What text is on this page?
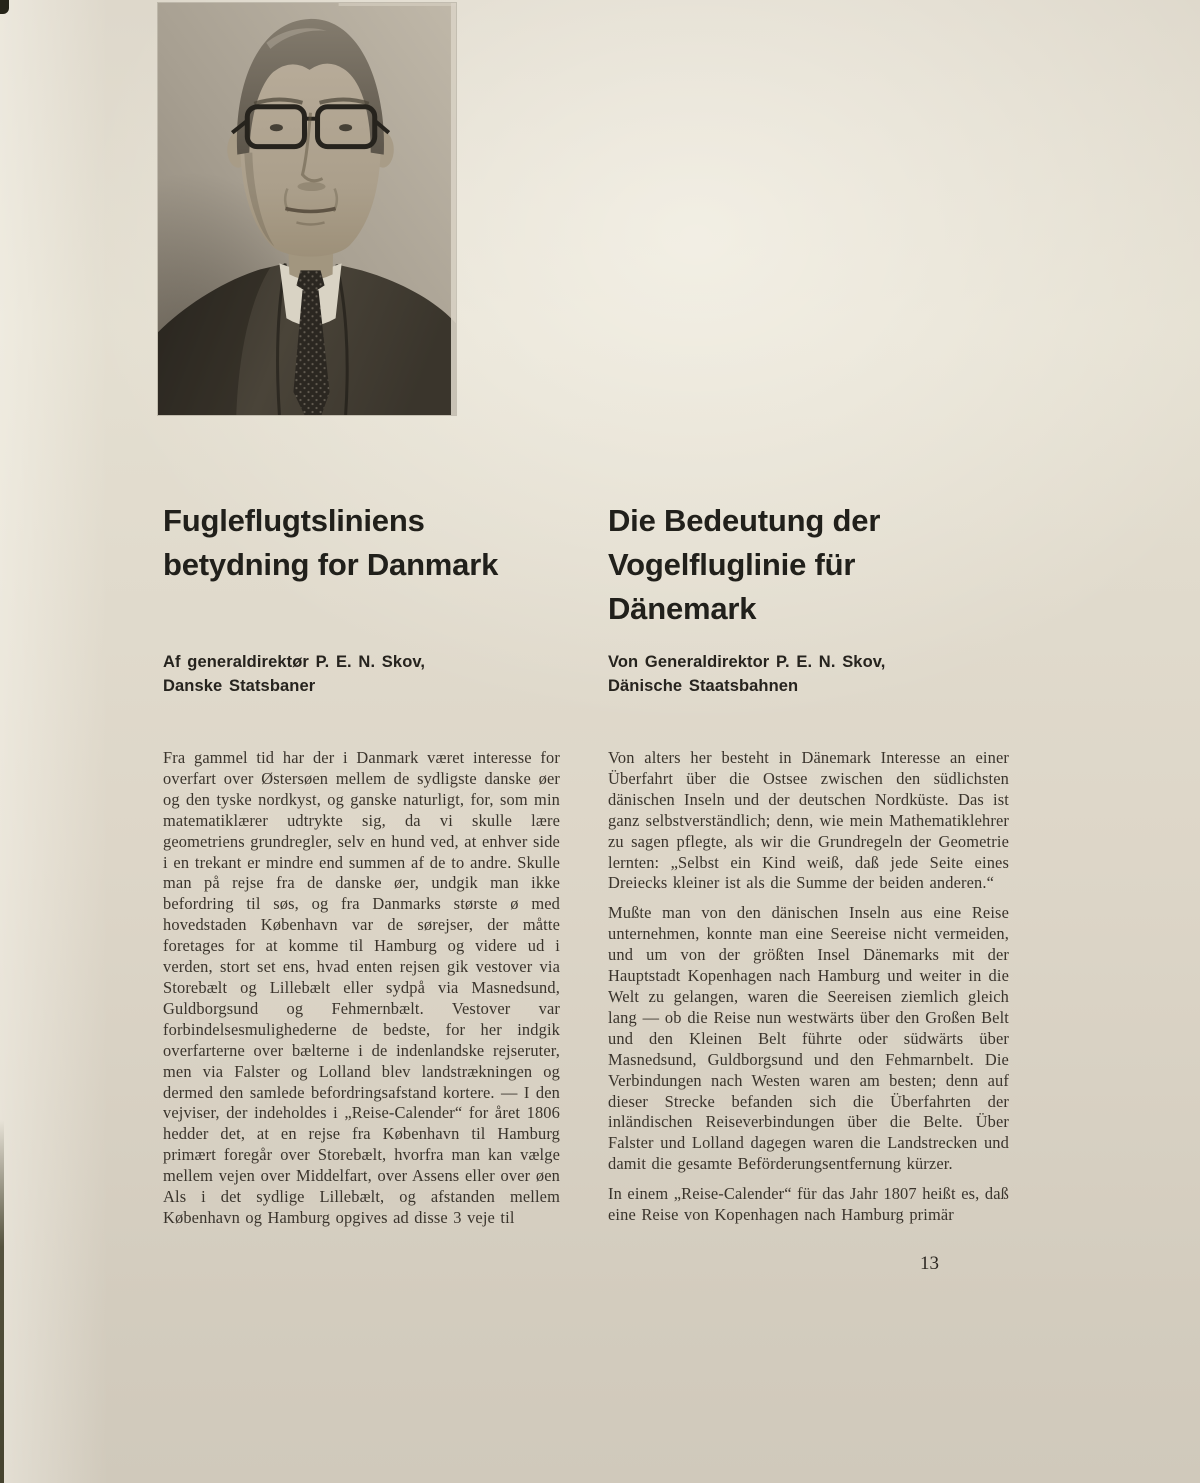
Fugleflugtsliniens
betydning for Danmark
Die Bedeutung der
Vogelfluglinie für
Dänemark
Af generaldirektør P. E. N. Skov,
Danske Statsbaner
Von Generaldirektor P. E. N. Skov,
Dänische Staatsbahnen

Fra gammel tid har der i Danmark været interesse for overfart over Østersøen mellem de sydligste danske øer og den tyske nordkyst, og ganske naturligt, for, som min matematiklærer udtrykte sig, da vi skulle lære geometriens grundregler, selv en hund ved, at enhver side i en trekant er mindre end summen af de to andre. Skulle man på rejse fra de danske øer, undgik man ikke befordring til søs, og fra Danmarks største ø med hovedstaden København var de sørejser, der måtte foretages for at komme til Hamburg og videre ud i verden, stort set ens, hvad enten rejsen gik vestover via Storebælt og Lillebælt eller sydpå via Masnedsund, Guldborgsund og Fehmernbælt. Vestover var forbindelsesmulighederne de bedste, for her indgik overfarterne over bælterne i de indenlandske rejseruter, men via Falster og Lolland blev landstrækningen og dermed den samlede befordringsafstand kortere. — I den vejviser, der indeholdes i „Reise-Calender“ for året 1806 hedder det, at en rejse fra København til Hamburg primært foregår over Storebælt, hvorfra man kan vælge mellem vejen over Middelfart, over Assens eller over øen Als i det sydlige Lillebælt, og afstanden mellem København og Hamburg opgives ad disse 3 veje til

Von alters her besteht in Dänemark Interesse an einer Überfahrt über die Ostsee zwischen den südlichsten dänischen Inseln und der deutschen Nordküste. Das ist ganz selbstverständlich; denn, wie mein Mathematiklehrer zu sagen pflegte, als wir die Grundregeln der Geometrie lernten: „Selbst ein Kind weiß, daß jede Seite eines Dreiecks kleiner ist als die Summe der beiden anderen.“

Mußte man von den dänischen Inseln aus eine Reise unternehmen, konnte man eine Seereise nicht vermeiden, und um von der größten Insel Dänemarks mit der Hauptstadt Kopenhagen nach Hamburg und weiter in die Welt zu gelangen, waren die Seereisen ziemlich gleich lang — ob die Reise nun westwärts über den Großen Belt und den Kleinen Belt führte oder südwärts über Masnedsund, Guldborgsund und den Fehmarnbelt. Die Verbindungen nach Westen waren am besten; denn auf dieser Strecke befanden sich die Überfahrten der inländischen Reiseverbindungen über die Belte. Über Falster und Lolland dagegen waren die Landstrecken und damit die gesamte Beförderungsentfernung kürzer.

In einem „Reise-Calender“ für das Jahr 1807 heißt es, daß eine Reise von Kopenhagen nach Hamburg primär

13
